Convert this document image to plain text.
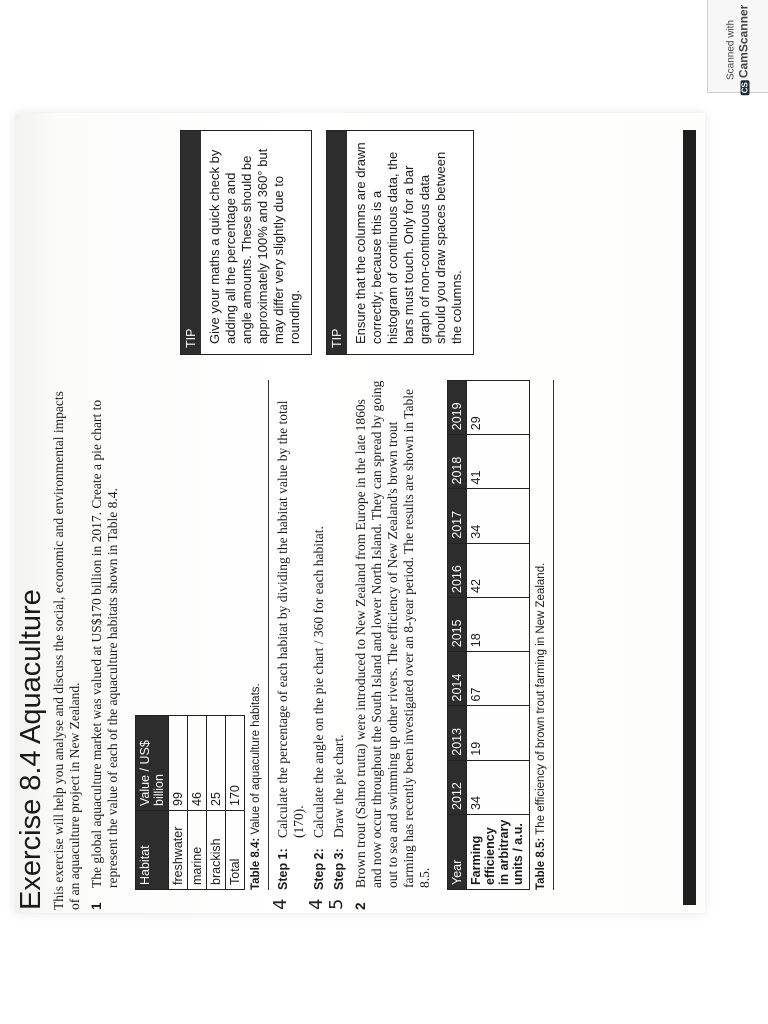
Scanned with
CSCamScanner
Exercise 8.4 Aquaculture This exercise will help you analyse and discuss the social, economic and environmental impacts of an aquaculture project in New Zealand. 1
The global aquaculture market was valued at US$170 billion in 2017. Create a pie chart to represent the value of each of the aquaculture habitats shown in Table 8.4. Habitat	Value / US$ billion
freshwater	99
marine	46
brackish	25
Total	170
Table 8.4: Value of aquaculture habitats.
4
Step 1:
Calculate the percentage of each habitat by dividing the habitat value by the total (170).
4
Step 2:
Calculate the angle on the pie chart / 360 for each habitat.
5
Step 3:
Draw the pie chart.
2
Brown trout (Salmo trutta) were introduced to New Zealand from Europe in the late 1860s and now occur throughout the South Island and lower North Island. They can spread by going out to sea and swimming up other rivers. The efficiency of New Zealand's brown trout farming has recently been investigated over an 8-year period. The results are shown in Table 8.5. Year	2012	2013	2014	2015	2016	2017	2018	2019
Farming efficiency in arbitrary units / a.u.	34	19	67	18	42	34	41	29
Table 8.5: The efficiency of brown trout farming in New Zealand.
TIP Give your maths a quick check by adding all the percentage and angle amounts. These should be approximately 100% and 360° but may differ very slightly due to rounding.	TIP Ensure that the columns are drawn correctly; because this is a histogram of continuous data, the bars must touch. Only for a bar graph of non-continuous data should you draw spaces between the columns.
